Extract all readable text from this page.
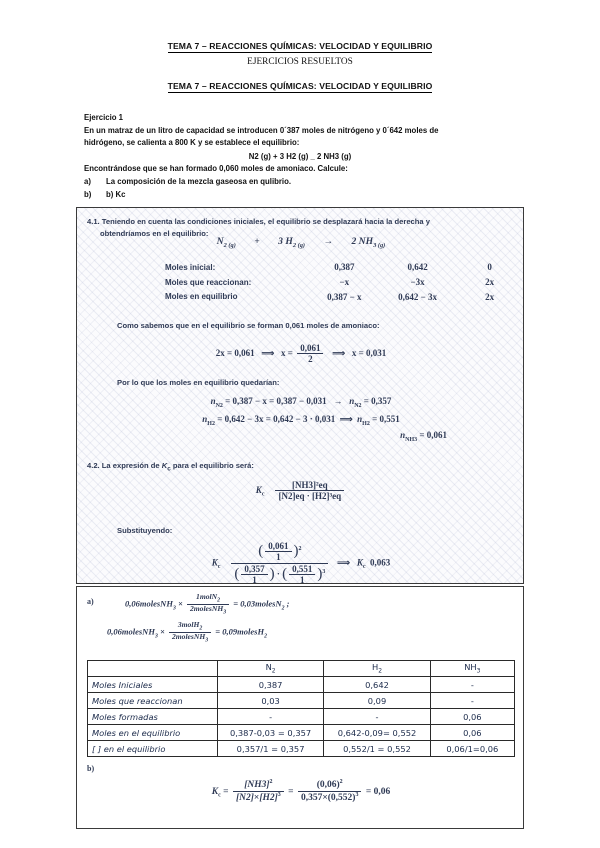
TEMA 7 – REACCIONES QUÍMICAS: VELOCIDAD Y EQUILIBRIO
EJERCICIOS RESUELTOS
TEMA 7 – REACCIONES QUÍMICAS: VELOCIDAD Y EQUILIBRIO
Ejercicio 1
En un matraz de un litro de capacidad se introducen 0´387 moles de nitrógeno y 0´642 moles de
hidrógeno, se calienta a 800 K y se establece el equilibrio:
N2 (g) + 3 H2 (g) _ 2 NH3 (g)
Encontrándose que se han formado 0,060 moles de amoniaco. Calcule:
a) La composición de la mezcla gaseosa en qulibrio.
b) b) Kc
4.1. Teniendo en cuenta las condiciones iniciales, el equilibrio se desplazará hacia la derecha y
obtendríamos en el equilibrio:
$N_{2 (g)} + 3$ $H_{2 (g)} \to 2$ $NH_{3 (g)}$
Moles inicial:	0,387	0,642	0
Moles que reaccionan:	−x	−3x	2x
Moles en equilibrio	0,387 − x	0,642 − 3x	2x
Como sabemos que en el equilibrio se forman 0,061 moles de amoniaco:
2x = 0,061 ⟹ $x = \frac{0,061}{2}$ ⟹ x = 0,031
Por lo que los moles en equilibrio quedarían:
$n_{N2} = 0,387 - x = 0,387 - 0,031 \to n_{N2} = 0,357$
$n_{H2} = 0,642 - 3x = 0,642 - 3 \cdot 0,031$ ⟹ $n_{H2} = 0,551$
$n_{NH3} = 0,061$
4.2. La expresión de $K_c$ para el equilibrio será:
$K_c \frac{\text{[NH3]²eq}}{\text{[N2]eq · [H2]³eq}}$
Substituyendo:
$K_c \frac{( \frac{0,061}{1} )^2}{( \frac{0,357}{1} ) \cdot ( \frac{0,551}{1} )^3}$ ⟹ $K_c$ 0,063
a)	0,06molesNH$_3$ × $\frac{1molN_2}{2molesNH_3}$ = 0,03molesN$_2$ ;
0,06molesNH$_3$ × $\frac{3molH_2}{2molesNH_3}$ = 0,09molesH$_2$
	$N_2$	$H_2$	$NH_3$
Moles Iniciales	0,387	0,642	-
Moles que reaccionan	0,03	0,09	-
Moles formadas	-	-	0,06
Moles en el equilibrio	0,387-0,03 = 0,357	0,642-0,09= 0,552	0,06
[ ] en el equilibrio	0,357/1 = 0,357	0,552/1 = 0,552	0,06/1=0,06
b)
$K_c = \frac{[NH3]^2}{[N2]\times[H2]^3} = \frac{(0,06)^2}{0,357\times(0,552)^3} = 0,06$
